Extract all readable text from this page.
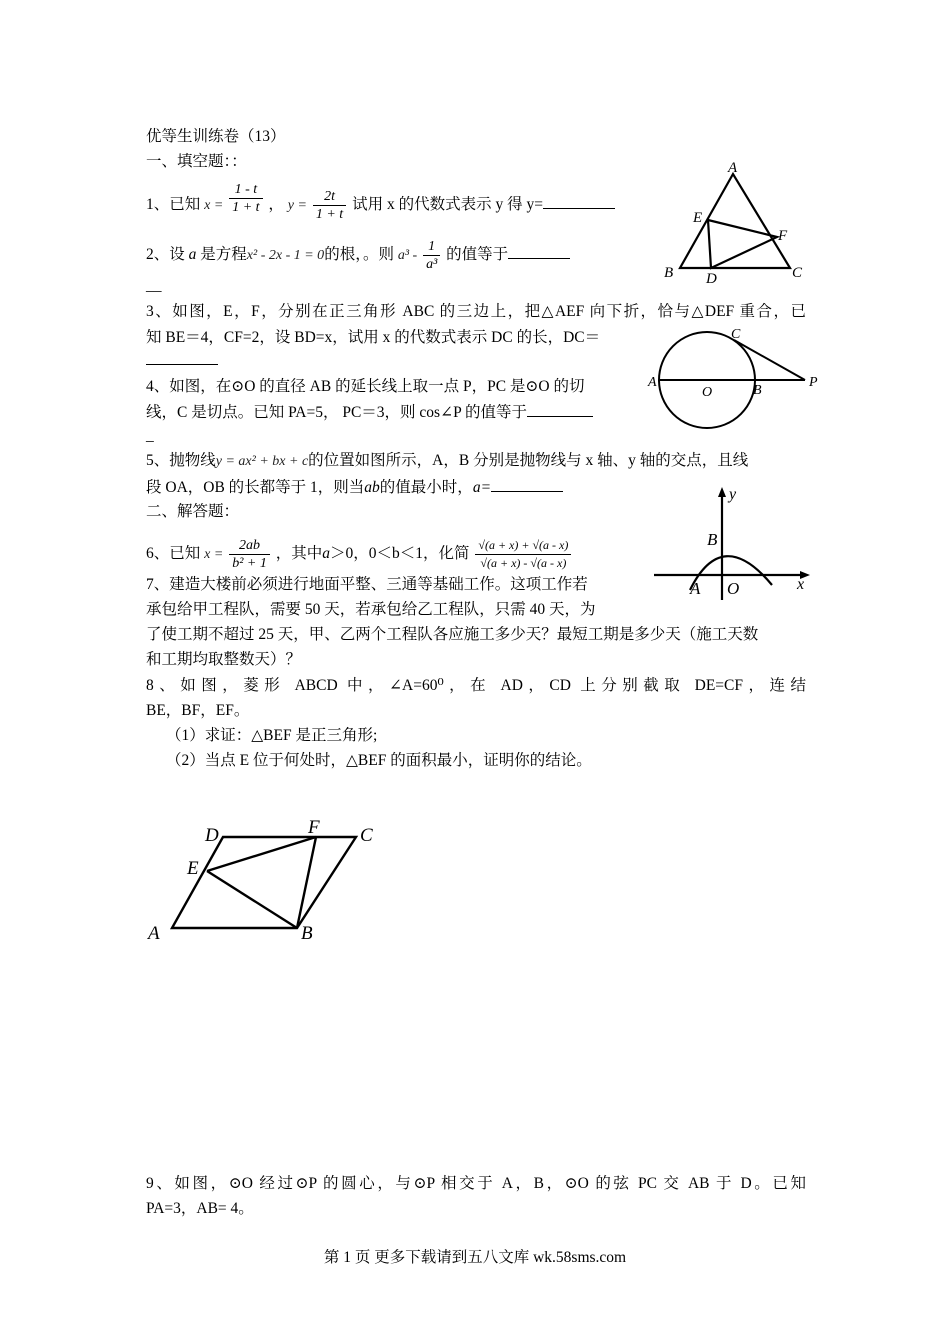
优等生训练卷（13）
一、填空题：：
1、已知 $x = \frac{1 - t}{1 + t}$ ， $y = \frac{2t}{1 + t}$ 试用 x 的代数式表示 y 得 y=
2、设 a 是方程x² - 2x - 1 = 0的根，。则 $a^3 - \frac{1}{\text{a³}}$ 的值等于
__
3、如图，E，F，分别在正三角形 ABC 的三边上，把△AEF 向下折，恰与△DEF 重合，已
知 BE＝4，CF=2，设 BD=x，试用 x 的代数式表示 DC 的长，DC＝
4、如图，在⊙O 的直径 AB 的延长线上取一点 P，PC 是⊙O 的切
线，C 是切点。已知 PA=5， PC＝3，则 cos∠P 的值等于
_
5、抛物线y = ax² + bx + c的位置如图所示，A，B 分别是抛物线与 x 轴、y 轴的交点，且线
段 OA，OB 的长都等于 1，则当ab的值最小时，a=
二、解答题：
6、已知 $x = \frac{2ab}{\text{b² + 1}}$ ，其中a＞0，0＜b＜1，化简 $\frac{√(a + x) + √(a - x)}{√(a + x) - √(a - x)}$
7、建造大楼前必须进行地面平整、三通等基础工作。这项工作若
承包给甲工程队，需要 50 天，若承包给乙工程队，只需 40 天，为
了使工期不超过 25 天，甲、乙两个工程队各应施工多少天？最短工期是多少天（施工天数
和工期均取整数天）？
8、如图，菱形 ABCD 中，∠A=60⁰，在 AD，CD 上分别截取 DE=CF，连结
BE，BF，EF。
（1）求证：△BEF 是正三角形;
（2）当点 E 位于何处时，△BEF 的面积最小，证明你的结论。
9、如图，⊙O 经过⊙P 的圆心，与⊙P 相交于 A，B，⊙O 的弦 PC 交 AB 于 D。已知
PA=3，AB= 4。
第 1 页 更多下载请到五八文库 wk.58sms.com
A
E
F
B D	C
C
A
O	B
P
y
B
A O	x
D	F C
E
A	B
